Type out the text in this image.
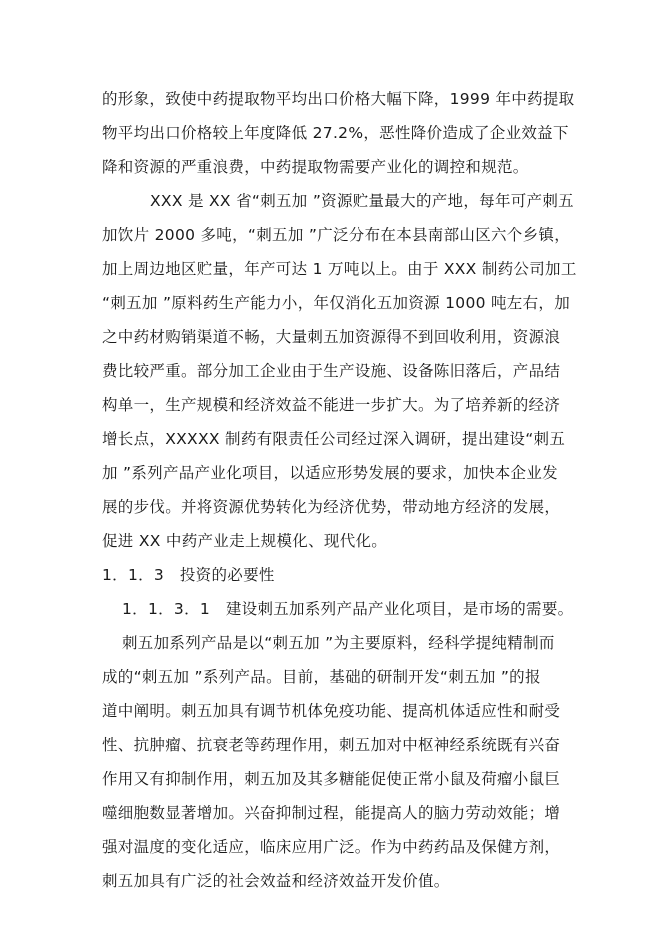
的形象，致使中药提取物平均出口价格大幅下降，1999 年中药提取
物平均出口价格较上年度降低 27.2%，恶性降价造成了企业效益下
降和资源的严重浪费，中药提取物需要产业化的调控和规范。
XXX 是 XX 省“刺五加 ”资源贮量最大的产地，每年可产刺五
加饮片 2000 多吨，“刺五加 ”广泛分布在本县南部山区六个乡镇，
加上周边地区贮量，年产可达 1 万吨以上。由于 XXX 制药公司加工
“刺五加 ”原料药生产能力小，年仅消化五加资源 1000 吨左右，加
之中药材购销渠道不畅，大量刺五加资源得不到回收利用，资源浪
费比较严重。部分加工企业由于生产设施、设备陈旧落后，产品结
构单一，生产规模和经济效益不能进一步扩大。为了培养新的经济
增长点，XXXXX 制药有限责任公司经过深入调研，提出建设“刺五
加 ”系列产品产业化项目，以适应形势发展的要求，加快本企业发
展的步伐。并将资源优势转化为经济优势，带动地方经济的发展，
促进 XX 中药产业走上规模化、现代化。
1．1．3　投资的必要性
1．1．3．1　建设刺五加系列产品产业化项目，是市场的需要。
刺五加系列产品是以“刺五加 ”为主要原料，经科学提纯精制而
成的“刺五加 ”系列产品。目前，基础的研制开发“刺五加 ”的报
道中阐明。刺五加具有调节机体免疫功能、提高机体适应性和耐受
性、抗肿瘤、抗衰老等药理作用，刺五加对中枢神经系统既有兴奋
作用又有抑制作用，刺五加及其多糖能促使正常小鼠及荷瘤小鼠巨
噬细胞数显著增加。兴奋抑制过程，能提高人的脑力劳动效能；增
强对温度的变化适应，临床应用广泛。作为中药药品及保健方剂，
刺五加具有广泛的社会效益和经济效益开发价值。
